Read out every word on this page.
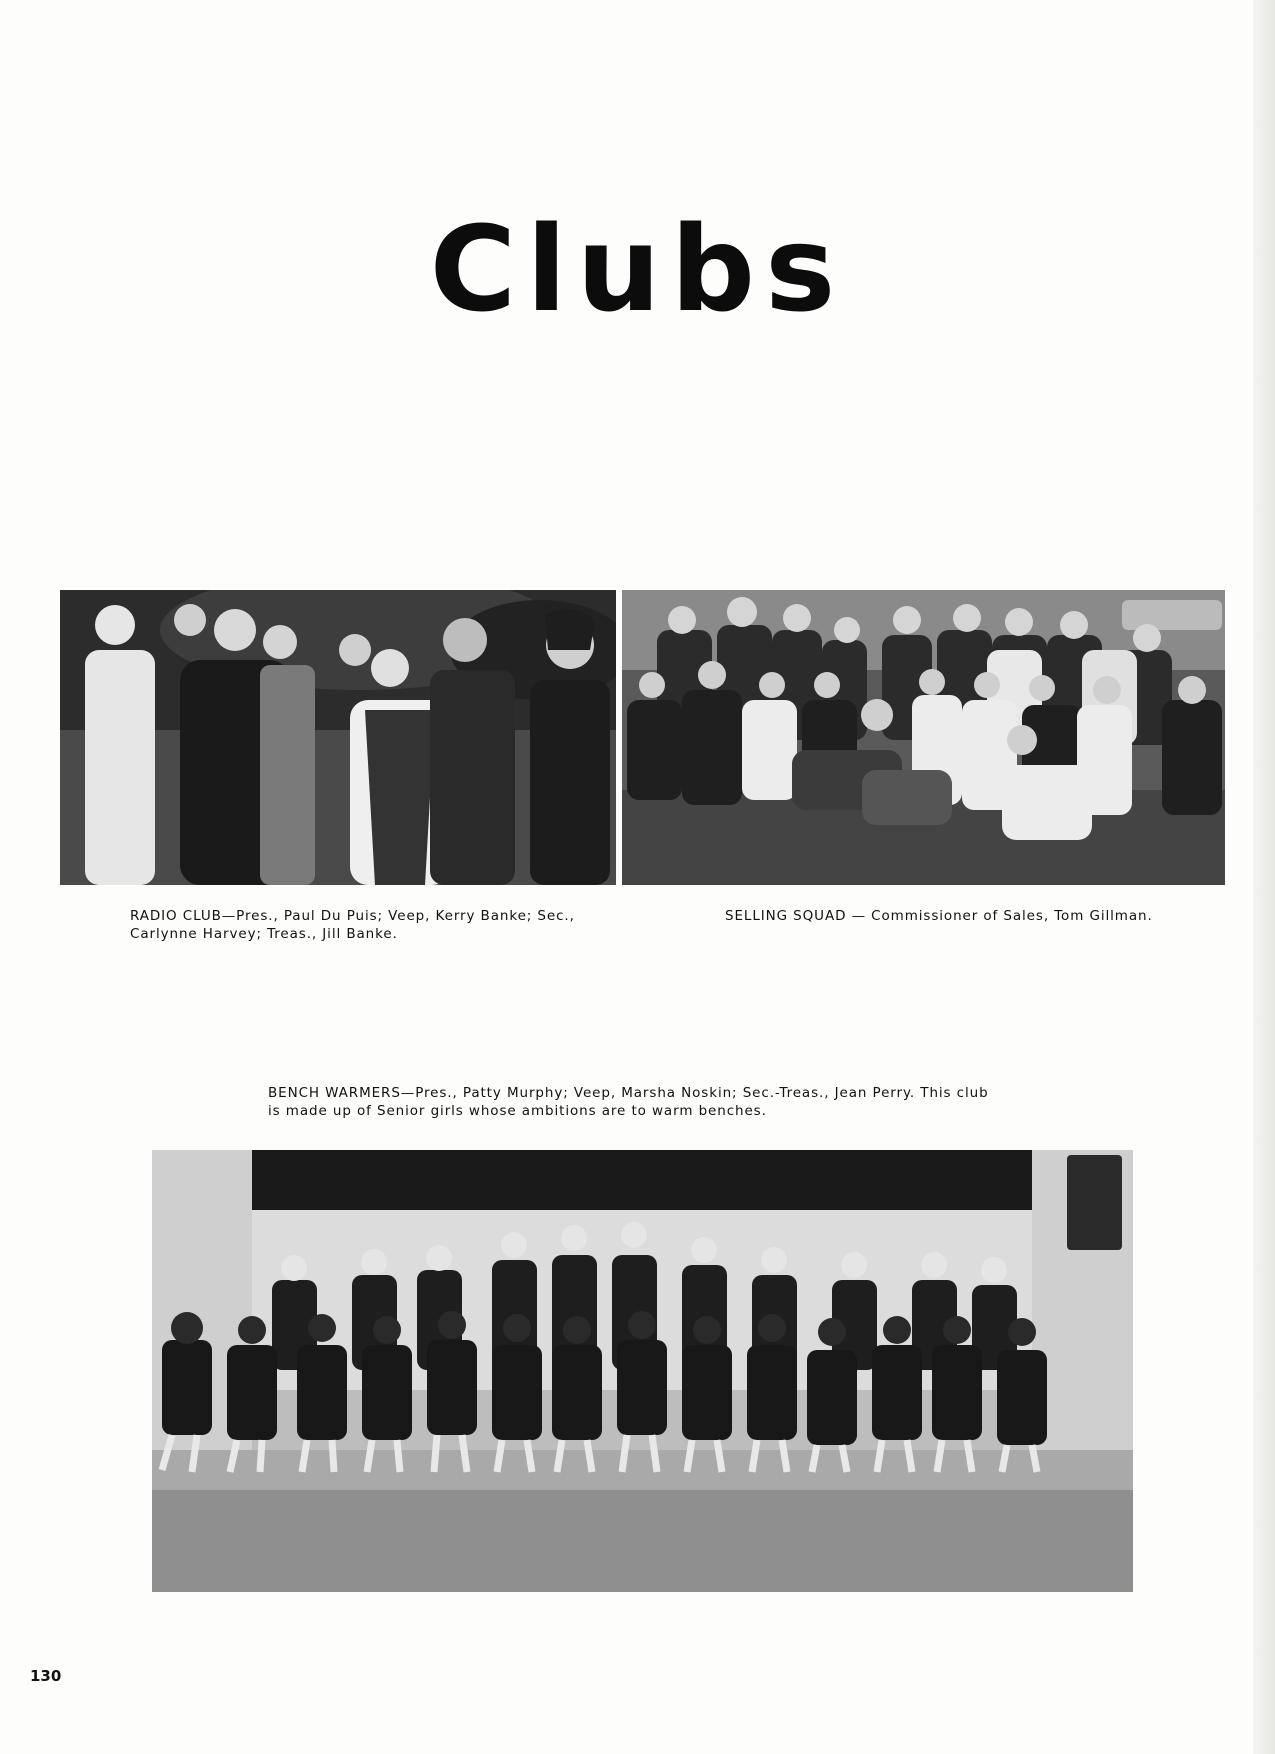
Clubs
RADIO CLUB—Pres., Paul Du Puis; Veep, Kerry Banke; Sec.,
Carlynne Harvey; Treas., Jill Banke.
SELLING SQUAD — Commissioner of Sales, Tom Gillman.
BENCH WARMERS—Pres., Patty Murphy; Veep, Marsha Noskin; Sec.-Treas., Jean Perry. This club
is made up of Senior girls whose ambitions are to warm benches.
130
